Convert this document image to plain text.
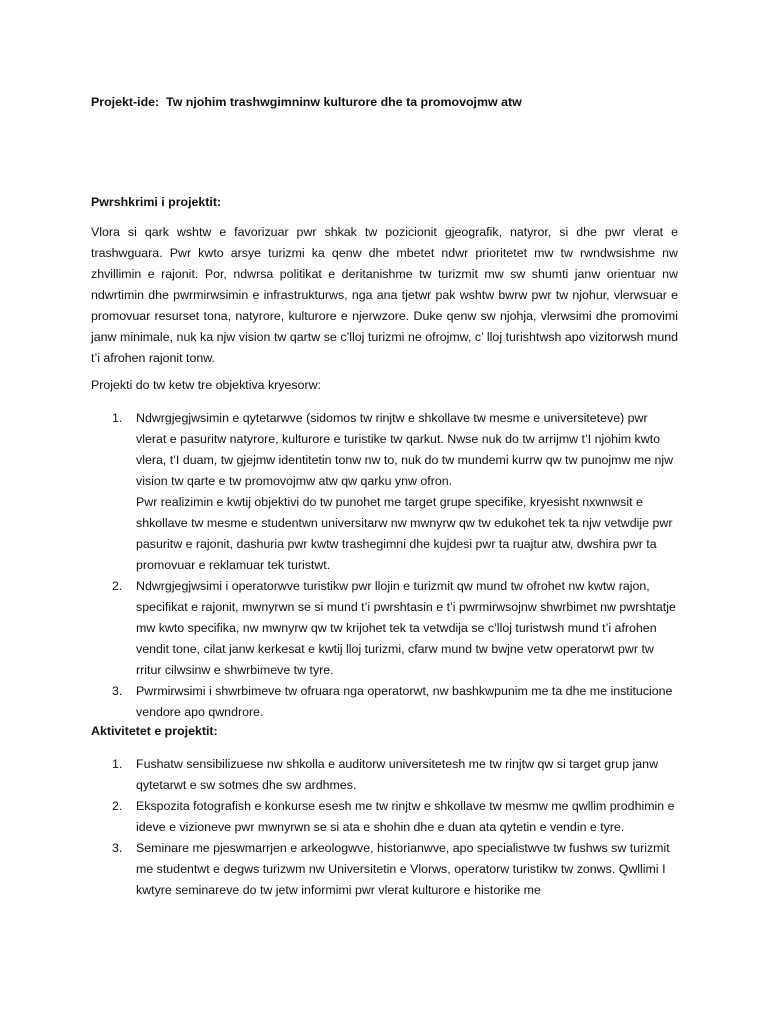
Projekt-ide:  Tw njohim trashwgimninw kulturore dhe ta promovojmw atw
Pwrshkrimi i projektit:

Vlora si qark wshtw e favorizuar pwr shkak tw pozicionit gjeografik, natyror, si dhe pwr vlerat e trashwguara. Pwr kwto arsye turizmi ka qenw dhe mbetet ndwr prioritetet mw tw rwndwsishme nw zhvillimin e rajonit. Por, ndwrsa politikat e deritanishme tw turizmit mw sw shumti janw orientuar nw ndwrtimin dhe pwrmirwsimin e infrastrukturws, nga ana tjetwr pak wshtw bwrw pwr tw njohur, vlerwsuar e promovuar resurset tona, natyrore, kulturore e njerwzore. Duke qenw sw njohja, vlerwsimi dhe promovimi janw minimale, nuk ka njw vision tw qartw se c’lloj turizmi ne ofrojmw, c’ lloj turishtwsh apo vizitorwsh mund t’i afrohen rajonit tonw.

Projekti do tw ketw tre objektiva kryesorw:

1. Ndwrgjegjwsimin e qytetarwve (sidomos tw rinjtw e shkollave tw mesme e universiteteve) pwr vlerat e pasuritw natyrore, kulturore e turistike tw qarkut. Nwse nuk do tw arrijmw t’I njohim kwto vlera, t’I duam, tw gjejmw identitetin tonw nw to, nuk do tw mundemi kurrw qw tw punojmw me njw vision tw qarte e tw promovojmw atw qw qarku ynw ofron.

Pwr realizimin e kwtij objektivi do tw punohet me target grupe specifike, kryesisht nxwnwsit e shkollave tw mesme e studentwn universitarw nw mwnyrw qw tw edukohet tek ta njw vetwdije pwr pasuritw e rajonit, dashuria pwr kwtw trashegimni dhe kujdesi pwr ta ruajtur atw, dwshira pwr ta promovuar e reklamuar tek turistwt.

2. Ndwrgjegjwsimi i operatorwve turistikw pwr llojin e turizmit qw mund tw ofrohet nw kwtw rajon, specifikat e rajonit, mwnyrwn se si mund t’i pwrshtasin e t’i pwrmirwsojnw shwrbimet nw pwrshtatje mw kwto specifika, nw mwnyrw qw tw krijohet tek ta vetwdija se c’lloj turistwsh mund t’i afrohen vendit tone, cilat janw kerkesat e kwtij lloj turizmi, cfarw mund tw bwjne vetw operatorwt pwr tw rritur cilwsinw e shwrbimeve tw tyre.

3. Pwrmirwsimi i shwrbimeve tw ofruara nga operatorwt, nw bashkwpunim me ta dhe me institucione vendore apo qwndrore.

Aktivitetet e projektit:
1. Fushatw sensibilizuese nw shkolla e auditorw universitetesh me tw rinjtw qw si target grup janw qytetarwt e sw sotmes dhe sw ardhmes.

2. Ekspozita fotografish e konkurse esesh me tw rinjtw e shkollave tw mesmw me qwllim prodhimin e ideve e vizioneve pwr mwnyrwn se si ata e shohin dhe e duan ata qytetin e vendin e tyre.

3. Seminare me pjeswmarrjen e arkeologwve, historianwve, apo specialistwve tw fushws sw turizmit me studentwt e degws turizwm nw Universitetin e Vlorws, operatorw turistikw tw zonws. Qwllimi I kwtyre seminareve do tw jetw informimi pwr vlerat kulturore e historike me
